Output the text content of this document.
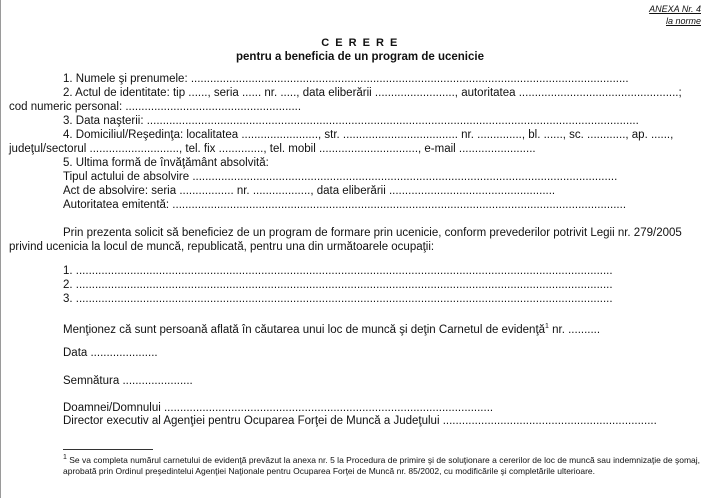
ANEXA Nr. 4
la norme
C E R E R E
pentru a beneficia de un program de ucenicie
1. Numele şi prenumele: .........................................................................................................................................
2. Actul de identitate: tip ......, seria ...... nr. ....., data eliberării ........................., autoritatea ..................................................;
cod numeric personal: .......................................................
3. Data naşterii: ..........................................................................................................................................................
4. Domiciliul/Reşedinţa: localitatea ........................, str. .................................... nr. .............., bl. ......, sc. ............, ap. ......,
judeţul/sectorul ............................, tel. fix .............., tel. mobil ..............................., e-mail ........................
5. Ultima formă de învăţământ absolvită:
Tipul actului de absolvire .....................................................................................................................................
Act de absolvire: seria ................. nr. .................., data eliberării ....................................................
Autoritatea emitentă: ..............................................................................................................................................
Prin prezenta solicit să beneficiez de un program de formare prin ucenicie, conform prevederilor potrivit Legii nr. 279/2005
privind ucenicia la locul de muncă, republicată, pentru una din următoarele ocupaţii:
1. ........................................................................................................................................................................
2. ........................................................................................................................................................................
3. ........................................................................................................................................................................
Menţionez că sunt persoană aflată în căutarea unui loc de muncă şi deţin Carnetul de evidenţă$^1$ nr. ..........
Data .....................
Semnătura ......................
Doamnei/Domnului .......................................................................................................
Director executiv al Agenţiei pentru Ocuparea Forţei de Muncă a Judeţului ...................................................................
$^1$ Se va completa numărul carnetului de evidenţă prevăzut la anexa nr. 5 la Procedura de primire şi de soluţionare a cererilor de loc de muncă sau indemnizaţie de şomaj, aprobată prin Ordinul preşedintelui Agenţiei Naţionale pentru Ocuparea Forţei de Muncă nr. 85/2002, cu modificările şi completările ulterioare.
